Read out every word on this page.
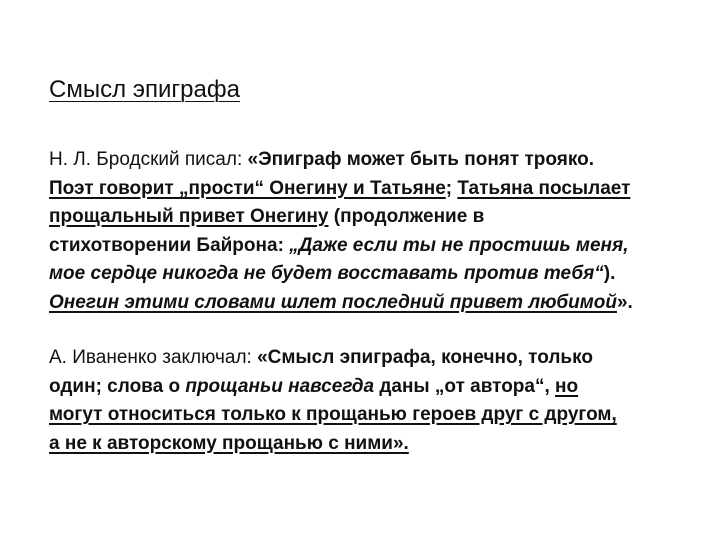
Смысл эпиграфа
Н. Л. Бродский писал: «Эпиграф может быть понят трояко.
Поэт говорит „прости“ Онегину и Татьяне; Татьяна посылает
прощальный привет Онегину (продолжение в
стихотворении Байрона: „Даже если ты не простишь меня,
мое сердце никогда не будет восставать против тебя“).
Онегин этими словами шлет последний привет любимой».
А. Иваненко заключал: «Смысл эпиграфа, конечно, только
один; слова о прощаньи навсегда даны „от автора“, но
могут относиться только к прощанью героев друг с другом,
а не к авторскому прощанью с ними».
